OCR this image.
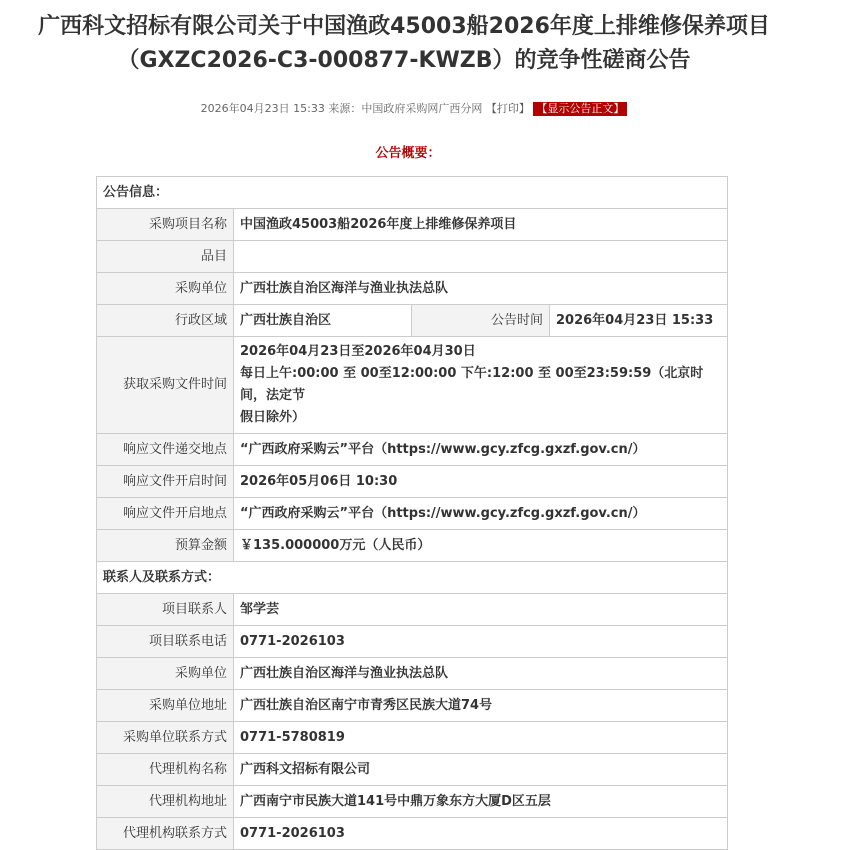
广西科文招标有限公司关于中国渔政45003船2026年度上排维修保养项目
（GXZC2026-C3-000877-KWZB）的竞争性磋商公告
2026年04月23日 15:33 来源：中国政府采购网广西分网 【打印】 【显示公告正文】
公告概要：
公告信息：			
采购项目名称	中国渔政45003船2026年度上排维修保养项目		
品目			
采购单位	广西壮族自治区海洋与渔业执法总队		
行政区域	广西壮族自治区	公告时间	2026年04月23日 15:33
获取采购文件时间	2026年04月23日至2026年04月30日
每日上午:00:00 至 00至12:00:00 下午:12:00 至 00至23:59:59（北京时间，法定节
假日除外）		

响应文件递交地点	“广西政府采购云”平台（https://www.gcy.zfcg.gxzf.gov.cn/）		
响应文件开启时间	2026年05月06日 10:30		
响应文件开启地点	“广西政府采购云”平台（https://www.gcy.zfcg.gxzf.gov.cn/）		
预算金额	￥135.000000万元（人民币）		
联系人及联系方式：			
项目联系人	邹学芸		
项目联系电话	0771-2026103		
采购单位	广西壮族自治区海洋与渔业执法总队		
采购单位地址	广西壮族自治区南宁市青秀区民族大道74号		
采购单位联系方式	0771-5780819		
代理机构名称	广西科文招标有限公司		
代理机构地址	广西南宁市民族大道141号中鼎万象东方大厦D区五层		
代理机构联系方式	0771-2026103		
